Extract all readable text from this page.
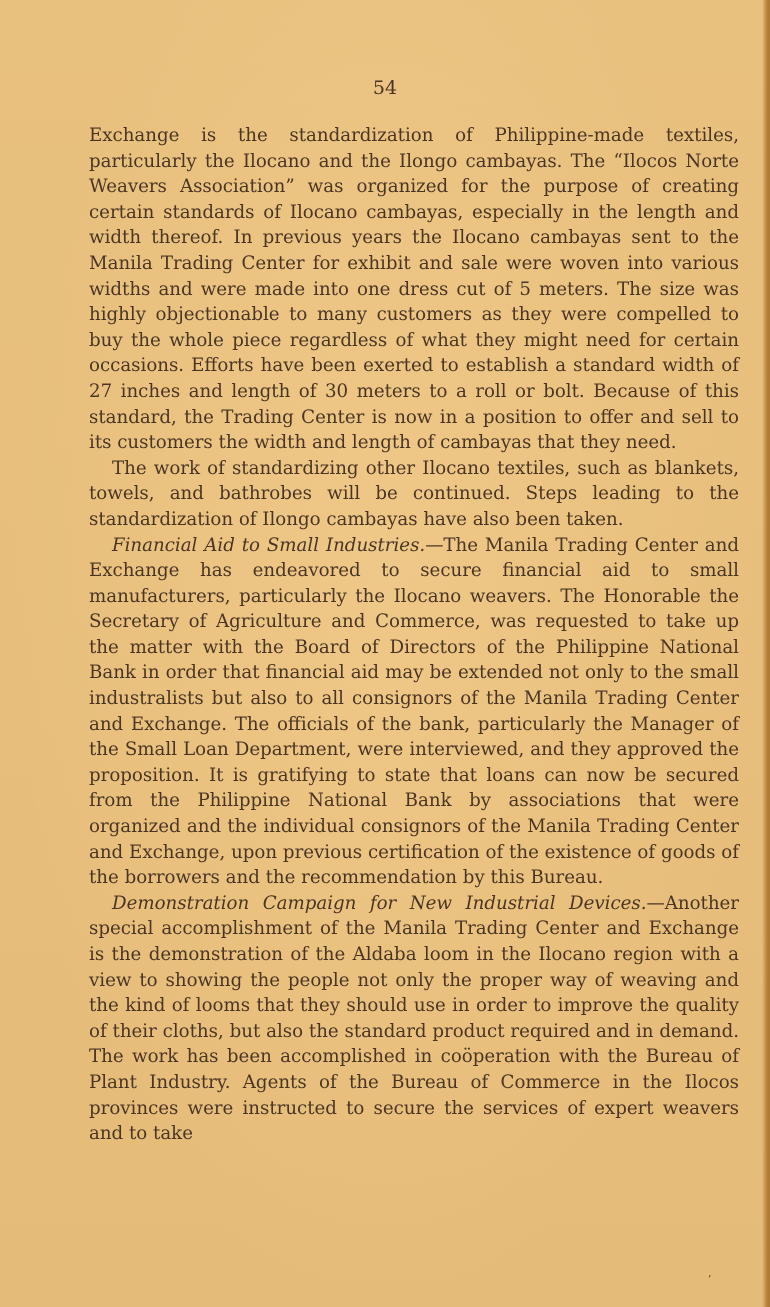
54

Exchange is the standardization of Philippine-made textiles, particularly the Ilocano and the Ilongo cambayas. The “Ilocos Norte Weavers Association” was organized for the purpose of creating certain standards of Ilocano cambayas, especially in the length and width thereof. In previous years the Ilocano cambayas sent to the Manila Trading Center for exhibit and sale were woven into various widths and were made into one dress cut of 5 meters. The size was highly objectionable to many customers as they were compelled to buy the whole piece regardless of what they might need for certain occasions. Efforts have been exerted to establish a standard width of 27 inches and length of 30 meters to a roll or bolt. Because of this standard, the Trading Center is now in a position to offer and sell to its customers the width and length of cambayas that they need.

The work of standardizing other Ilocano textiles, such as blankets, towels, and bathrobes will be continued. Steps leading to the standardization of Ilongo cambayas have also been taken.

Financial Aid to Small Industries.—The Manila Trading Center and Exchange has endeavored to secure financial aid to small manufacturers, particularly the Ilocano weavers. The Honorable the Secretary of Agriculture and Commerce, was requested to take up the matter with the Board of Directors of the Philippine National Bank in order that financial aid may be extended not only to the small industralists but also to all consignors of the Manila Trading Center and Exchange. The officials of the bank, particularly the Manager of the Small Loan Department, were interviewed, and they approved the proposition. It is gratifying to state that loans can now be secured from the Philippine National Bank by associations that were organized and the individual consignors of the Manila Trading Center and Exchange, upon previous certification of the existence of goods of the borrowers and the recommendation by this Bureau.

Demonstration Campaign for New Industrial Devices.—Another special accomplishment of the Manila Trading Center and Exchange is the demonstration of the Aldaba loom in the Ilocano region with a view to showing the people not only the proper way of weaving and the kind of looms that they should use in order to improve the quality of their cloths, but also the standard product required and in demand. The work has been accomplished in coöperation with the Bureau of Plant Industry. Agents of the Bureau of Commerce in the Ilocos provinces were instructed to secure the services of expert weavers and to take

’
